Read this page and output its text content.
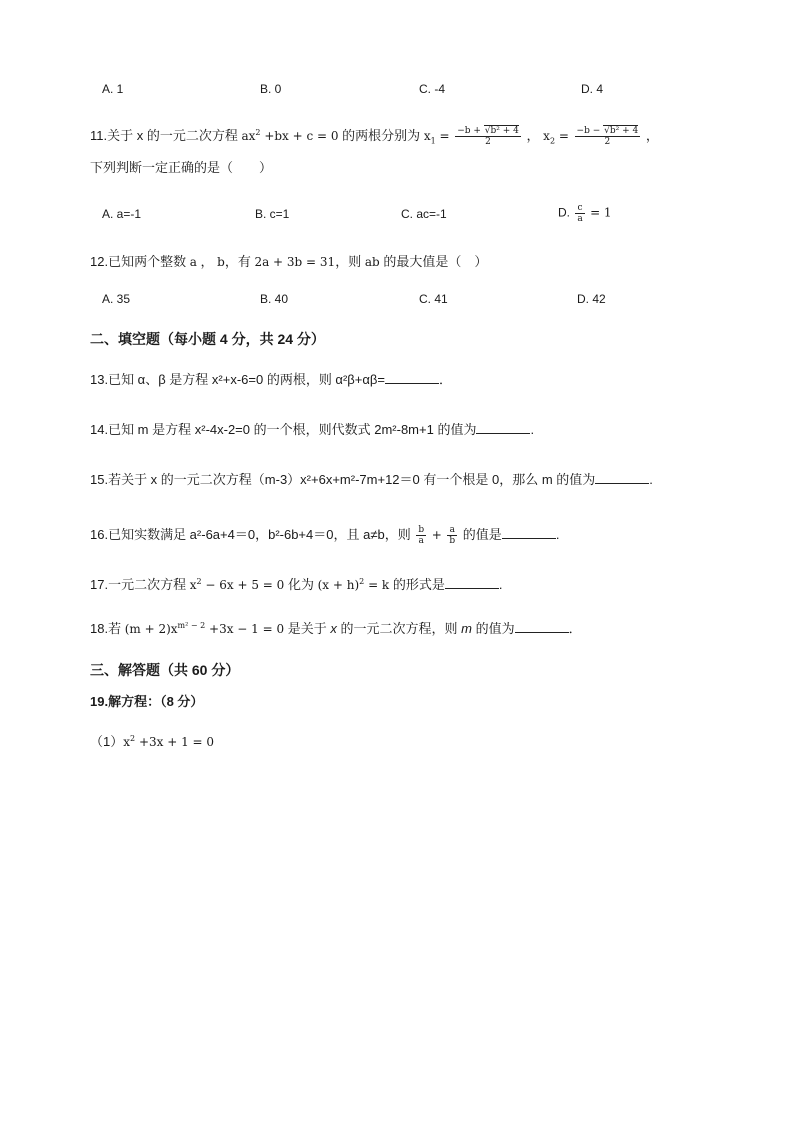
A. 1	B. 0	C. -4	D. 4
11.关于 x 的一元二次方程 $ax^2 +bx + c = 0$ 的两根分别为 $x_1 = \frac{\text{−b + √b² + 4}}{2}$ ， $x_2 = \frac{\text{−b − √b² + 4}}{2}$ ，
下列判断一定正确的是（　　）
A. a=-1	B. c=1	C. ac=-1	D. $\frac{c}{a} = 1$
12.已知两个整数 a ， b，有 2a + 3b = 31，则 ab 的最大值是（　）
A. 35	B. 40	C. 41	D. 42
二、填空题（每小题 4 分，共 24 分）
13.已知 α、β 是方程 x²+x-6=0 的两根，则 α²β+αβ=	．
14.已知 m 是方程 x²-4x-2=0 的一个根，则代数式 2m²-8m+1 的值为	.
15.若关于 x 的一元二次方程（m-3）x²+6x+m²-7m+12＝0 有一个根是 0，那么 m 的值为	.
16.已知实数满足 a²-6a+4＝0，b²-6b+4＝0，且 a≠b，则 $\frac{b}{a} + \frac{a}{b}$ 的值是	.
17.一元二次方程 $x^2 - 6x + 5 = 0$ 化为 $(x + h)^2 = k$ 的形式是	.
18.若 $(m + 2)x^{m^2 - 2} +3x - 1 = 0$ 是关于 x 的一元二次方程，则 m 的值为	．
三、解答题（共 60 分）
19.解方程：（8 分）
$(1)x^2 +3x + 1 = 0$
